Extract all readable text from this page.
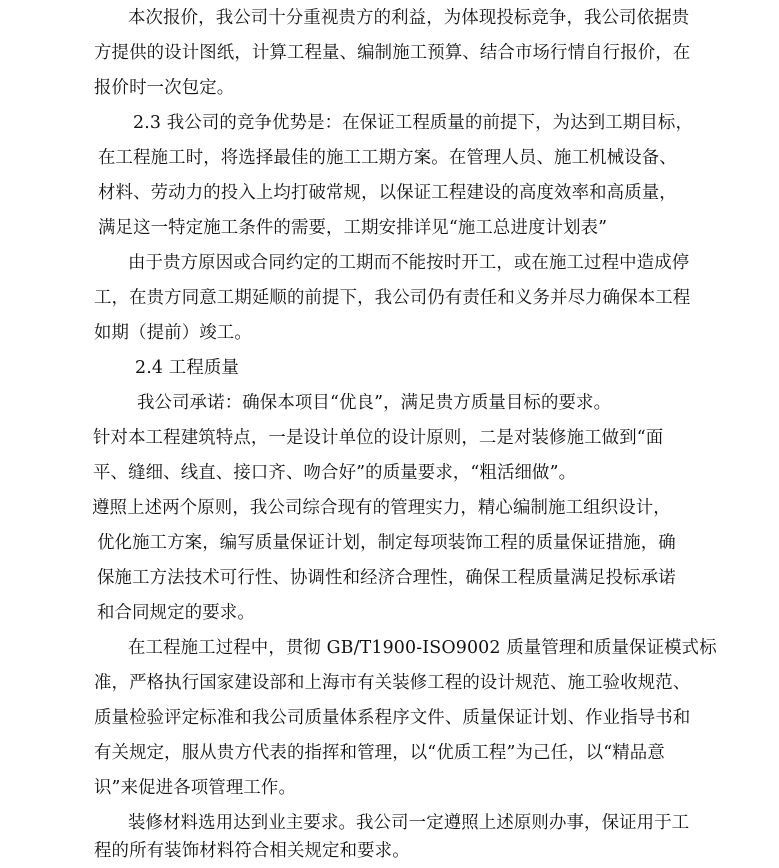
本次报价，我公司十分重视贵方的利益，为体现投标竞争，我公司依据贵
方提供的设计图纸，计算工程量、编制施工预算、结合市场行情自行报价，在
报价时一次包定。
2.3 我公司的竞争优势是：在保证工程质量的前提下，为达到工期目标，
在工程施工时，将选择最佳的施工工期方案。在管理人员、施工机械设备、
材料、劳动力的投入上均打破常规，以保证工程建设的高度效率和高质量，
满足这一特定施工条件的需要，工期安排详见“施工总进度计划表”
由于贵方原因或合同约定的工期而不能按时开工，或在施工过程中造成停
工，在贵方同意工期延顺的前提下，我公司仍有责任和义务并尽力确保本工程
如期（提前）竣工。
2.4 工程质量
我公司承诺：确保本项目“优良”，满足贵方质量目标的要求。
针对本工程建筑特点，一是设计单位的设计原则，二是对装修施工做到“面
平、缝细、线直、接口齐、吻合好”的质量要求，“粗活细做”。
遵照上述两个原则，我公司综合现有的管理实力，精心编制施工组织设计，
优化施工方案，编写质量保证计划，制定每项装饰工程的质量保证措施，确
保施工方法技术可行性、协调性和经济合理性，确保工程质量满足投标承诺
和合同规定的要求。
在工程施工过程中，贯彻 GB/T1900-ISO9002 质量管理和质量保证模式标
准，严格执行国家建设部和上海市有关装修工程的设计规范、施工验收规范、
质量检验评定标准和我公司质量体系程序文件、质量保证计划、作业指导书和
有关规定，服从贵方代表的指挥和管理，以“优质工程”为己任，以“精品意
识”来促进各项管理工作。
装修材料选用达到业主要求。我公司一定遵照上述原则办事，保证用于工
程的所有装饰材料符合相关规定和要求。
